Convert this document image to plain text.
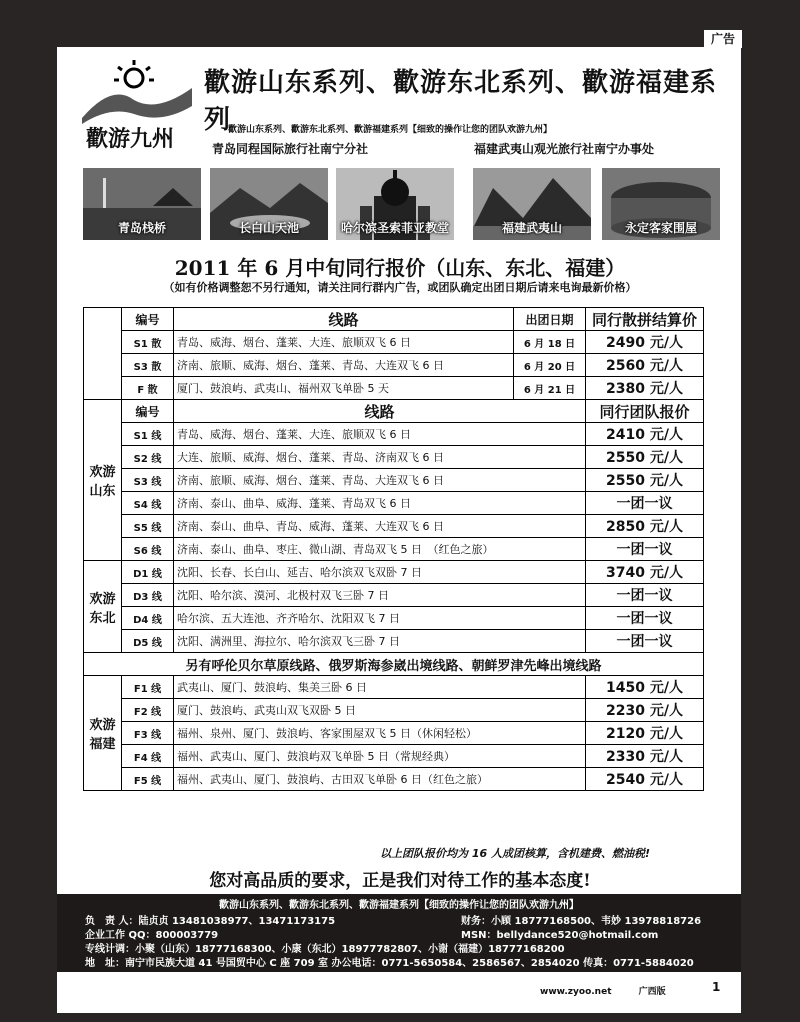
广告
歡游九州
歡游山东系列、歡游东北系列、歡游福建系列
歡游山东系列、歡游东北系列、歡游福建系列【细致的操作让您的团队欢游九州】
青岛同程国际旅行社南宁分社	福建武夷山观光旅行社南宁办事处
青岛栈桥	长白山天池	哈尔滨圣索菲亚教堂	福建武夷山	永定客家围屋
2011 年 6 月中旬同行报价（山东、东北、福建）
（如有价格调整恕不另行通知，请关注同行群内广告，或团队确定出团日期后请来电询最新价格）
	编号	线路	出团日期	同行散拼结算价
	S1 散	青岛、威海、烟台、蓬莱、大连、旅顺双飞 6 日	6 月 18 日	2490 元/人
	S3 散	济南、旅顺、威海、烟台、蓬莱、青岛、大连双飞 6 日	6 月 20 日	2560 元/人
	F 散	厦门、鼓浪屿、武夷山、福州双飞单卧 5 天	6 月 21 日	2380 元/人
欢游山东	编号	线路		同行团队报价
	S1 线	青岛、威海、烟台、蓬莱、大连、旅顺双飞 6 日		2410 元/人
	S2 线	大连、旅顺、威海、烟台、蓬莱、青岛、济南双飞 6 日		2550 元/人
	S3 线	济南、旅顺、威海、烟台、蓬莱、青岛、大连双飞 6 日		2550 元/人
	S4 线	济南、泰山、曲阜、威海、蓬莱、青岛双飞 6 日		一团一议
	S5 线	济南、泰山、曲阜、青岛、威海、蓬莱、大连双飞 6 日		2850 元/人
	S6 线	济南、泰山、曲阜、枣庄、微山湖、青岛双飞 5 日　（红色之旅）		一团一议
欢游东北	D1 线	沈阳、长春、长白山、延吉、哈尔滨双飞双卧 7 日		3740 元/人
	D3 线	沈阳、哈尔滨、漠河、北极村双飞三卧 7 日		一团一议
	D4 线	哈尔滨、五大连池、齐齐哈尔、沈阳双飞 7 日		一团一议
	D5 线	沈阳、满洲里、海拉尔、哈尔滨双飞三卧 7 日		一团一议
另有呼伦贝尔草原线路、俄罗斯海参崴出境线路、朝鲜罗津先峰出境线路				
欢游福建	F1 线	武夷山、厦门、鼓浪屿、集美三卧 6 日		1450 元/人
	F2 线	厦门、鼓浪屿、武夷山双飞双卧 5 日		2230 元/人
	F3 线	福州、泉州、厦门、鼓浪屿、客家围屋双飞 5 日（休闲轻松）		2120 元/人
	F4 线	福州、武夷山、厦门、鼓浪屿双飞单卧 5 日（常规经典）		2330 元/人
	F5 线	福州、武夷山、厦门、鼓浪屿、古田双飞单卧 6 日（红色之旅）		2540 元/人
以上团队报价均为 16 人成团核算，含机建费、燃油税!
您对高品质的要求，正是我们对待工作的基本态度!
歡游山东系列、歡游东北系列、歡游福建系列【细致的操作让您的团队欢游九州】
负　责 人：陆贞贞 13481038977、13471173175	财务：小顾 18777168500、韦妙 13978818726
企业工作 QQ：800003779	MSN：bellydance520@hotmail.com
专线计调：小聚（山东）18777168300、小康（东北）18977782807、小谢（福建）18777168200
地　址：南宁市民族大道 41 号国贸中心 C 座 709 室 办公电话：0771-5650584、2586567、2854020 传真：0771-5884020
www.zyoo.net	广西版	1
